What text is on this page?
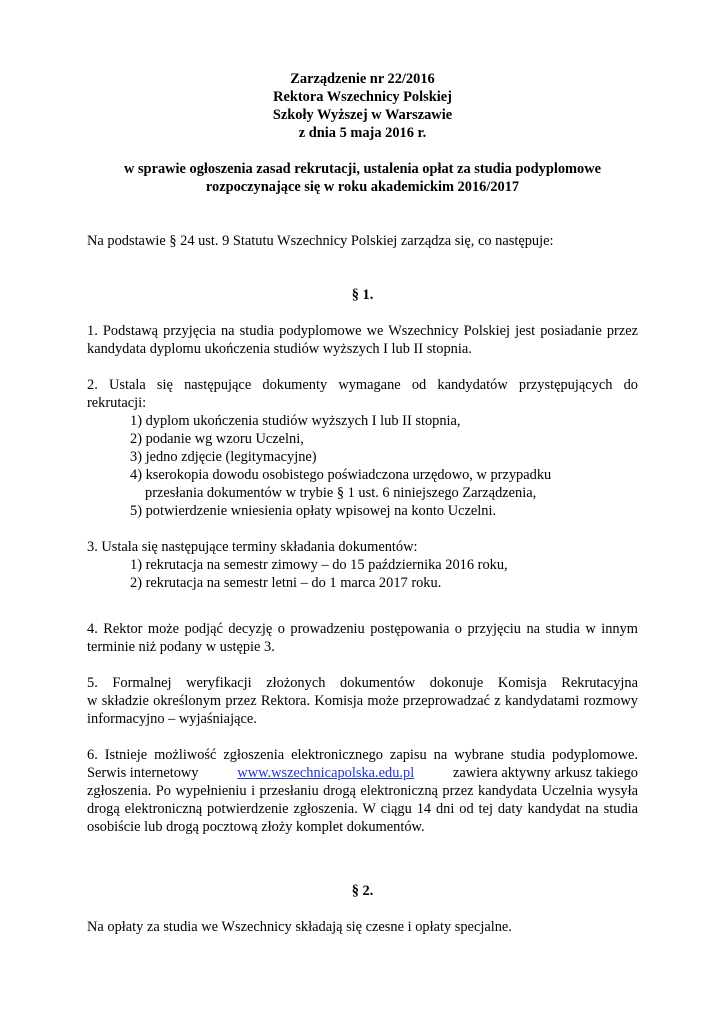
Zarządzenie nr 22/2016
Rektora Wszechnicy Polskiej
Szkoły Wyższej w Warszawie
z dnia 5 maja 2016 r.
w sprawie ogłoszenia zasad rekrutacji, ustalenia opłat za studia podyplomowe
rozpoczynające się w roku akademickim 2016/2017

Na podstawie § 24 ust. 9 Statutu Wszechnicy Polskiej zarządza się, co następuje:

§ 1.
1. Podstawą przyjęcia na studia podyplomowe we Wszechnicy Polskiej jest posiadanie przez
kandydata dyplomu ukończenia studiów wyższych I lub II stopnia.
2. Ustala się następujące dokumenty wymagane od kandydatów przystępujących do
rekrutacji:
1) dyplom ukończenia studiów wyższych I lub II stopnia,
2) podanie wg wzoru Uczelni,
3) jedno zdjęcie (legitymacyjne)
4) kserokopia dowodu osobistego poświadczona urzędowo, w przypadku
przesłania dokumentów w trybie § 1 ust. 6 niniejszego Zarządzenia,
5) potwierdzenie wniesienia opłaty wpisowej na konto Uczelni.
3. Ustala się następujące terminy składania dokumentów:
1) rekrutacja na semestr zimowy – do 15 października 2016 roku,
2) rekrutacja na semestr letni – do 1 marca 2017 roku.
4. Rektor może podjąć decyzję o prowadzeniu postępowania o przyjęciu na studia w innym
terminie niż podany w ustępie 3.
5. Formalnej weryfikacji złożonych dokumentów dokonuje Komisja Rekrutacyjna
w składzie określonym przez Rektora. Komisja może przeprowadzać z kandydatami rozmowy
informacyjno – wyjaśniające.
6. Istnieje możliwość zgłoszenia elektronicznego zapisu na wybrane studia podyplomowe.
Serwis internetowy	www.wszechnicapolska.edu.pl	zawiera aktywny arkusz takiego
zgłoszenia. Po wypełnieniu i przesłaniu drogą elektroniczną przez kandydata Uczelnia wysyła
drogą elektroniczną potwierdzenie zgłoszenia. W ciągu 14 dni od tej daty kandydat na studia
osobiście lub drogą pocztową złoży komplet dokumentów.
§ 2.

Na opłaty za studia we Wszechnicy składają się czesne i opłaty specjalne.
